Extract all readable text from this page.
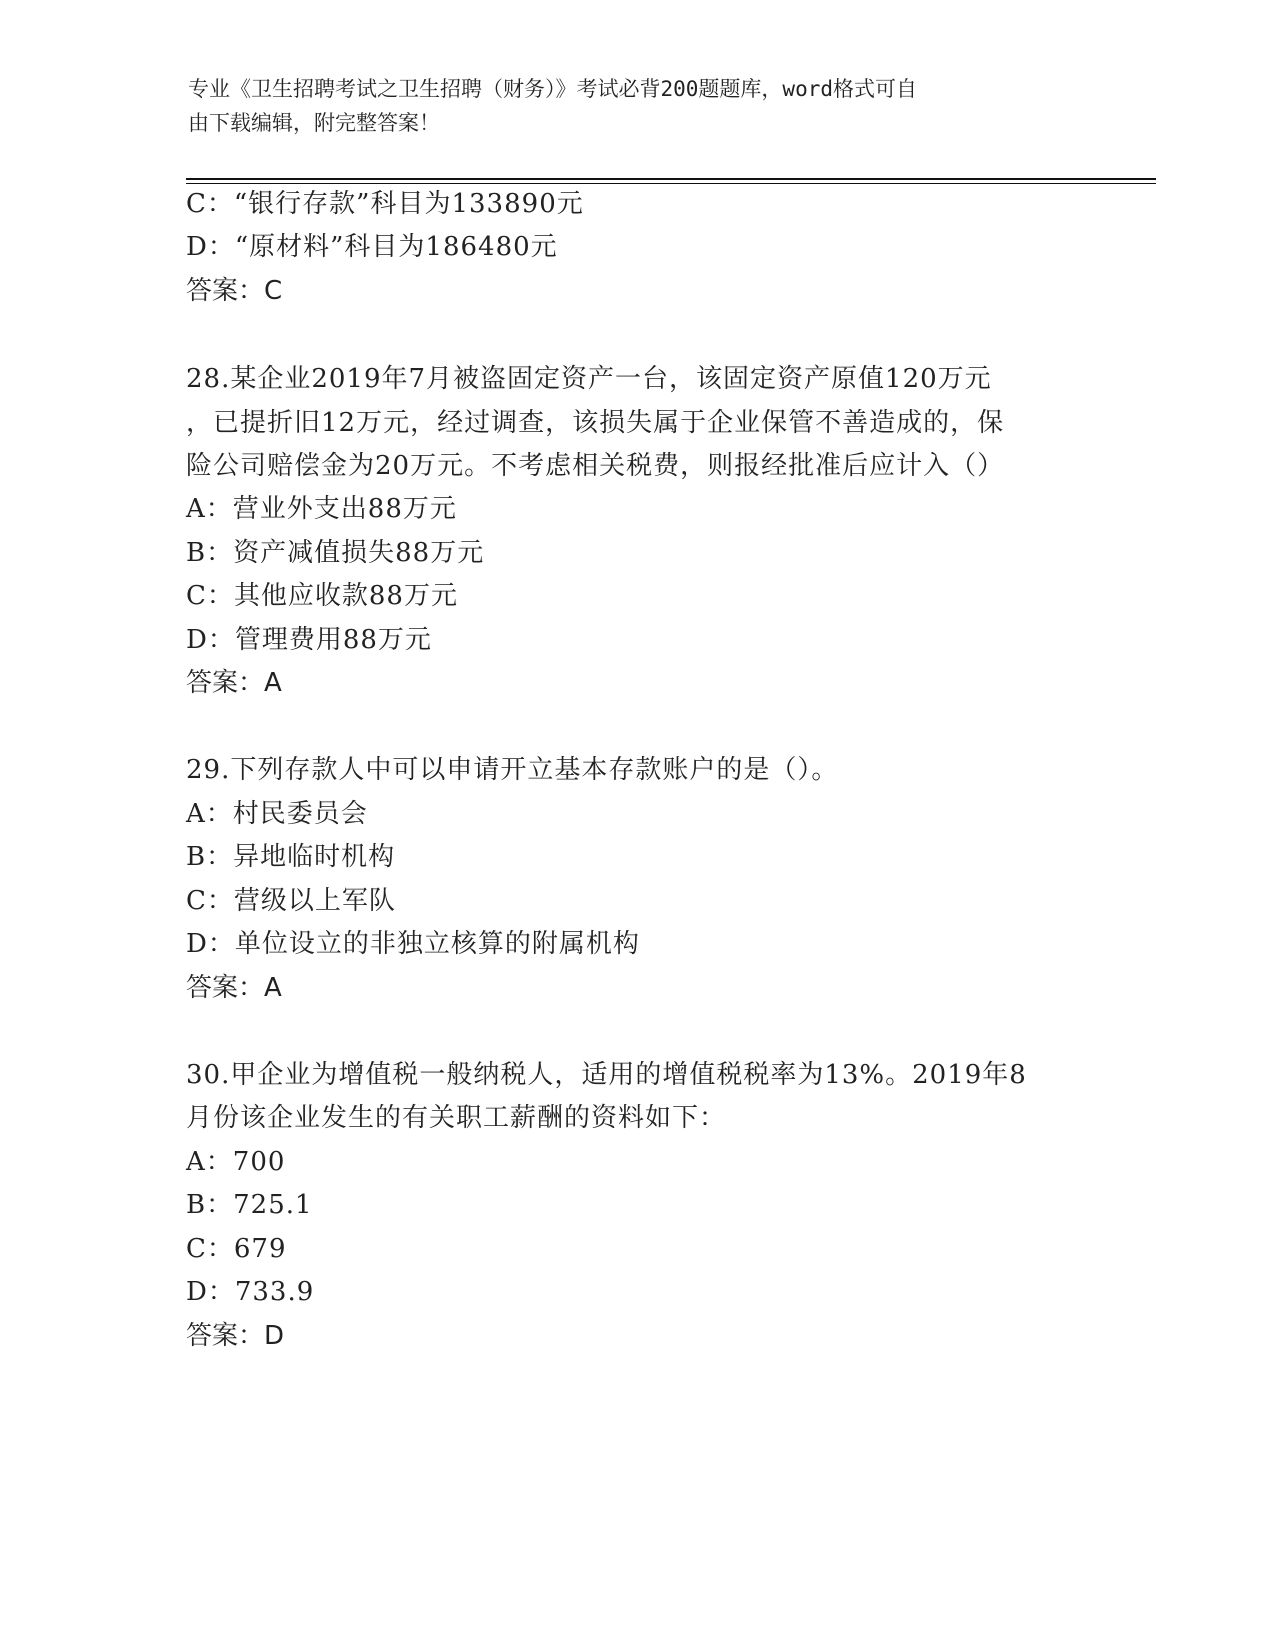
专业《卫生招聘考试之卫生招聘（财务）》考试必背200题题库，word格式可自
由下载编辑，附完整答案！
C：“银行存款”科目为133890元
D：“原材料”科目为186480元
答案：C
28.某企业2019年7月被盗固定资产一台，该固定资产原值120万元
，已提折旧12万元，经过调查，该损失属于企业保管不善造成的，保
险公司赔偿金为20万元。不考虑相关税费，则报经批准后应计入（）
A：营业外支出88万元
B：资产减值损失88万元
C：其他应收款88万元
D：管理费用88万元
答案：A
29.下列存款人中可以申请开立基本存款账户的是（）。
A：村民委员会
B：异地临时机构
C：营级以上军队
D：单位设立的非独立核算的附属机构
答案：A
30.甲企业为增值税一般纳税人，适用的增值税税率为13%。2019年8
月份该企业发生的有关职工薪酬的资料如下：
A：700
B：725.1
C：679
D：733.9
答案：D
